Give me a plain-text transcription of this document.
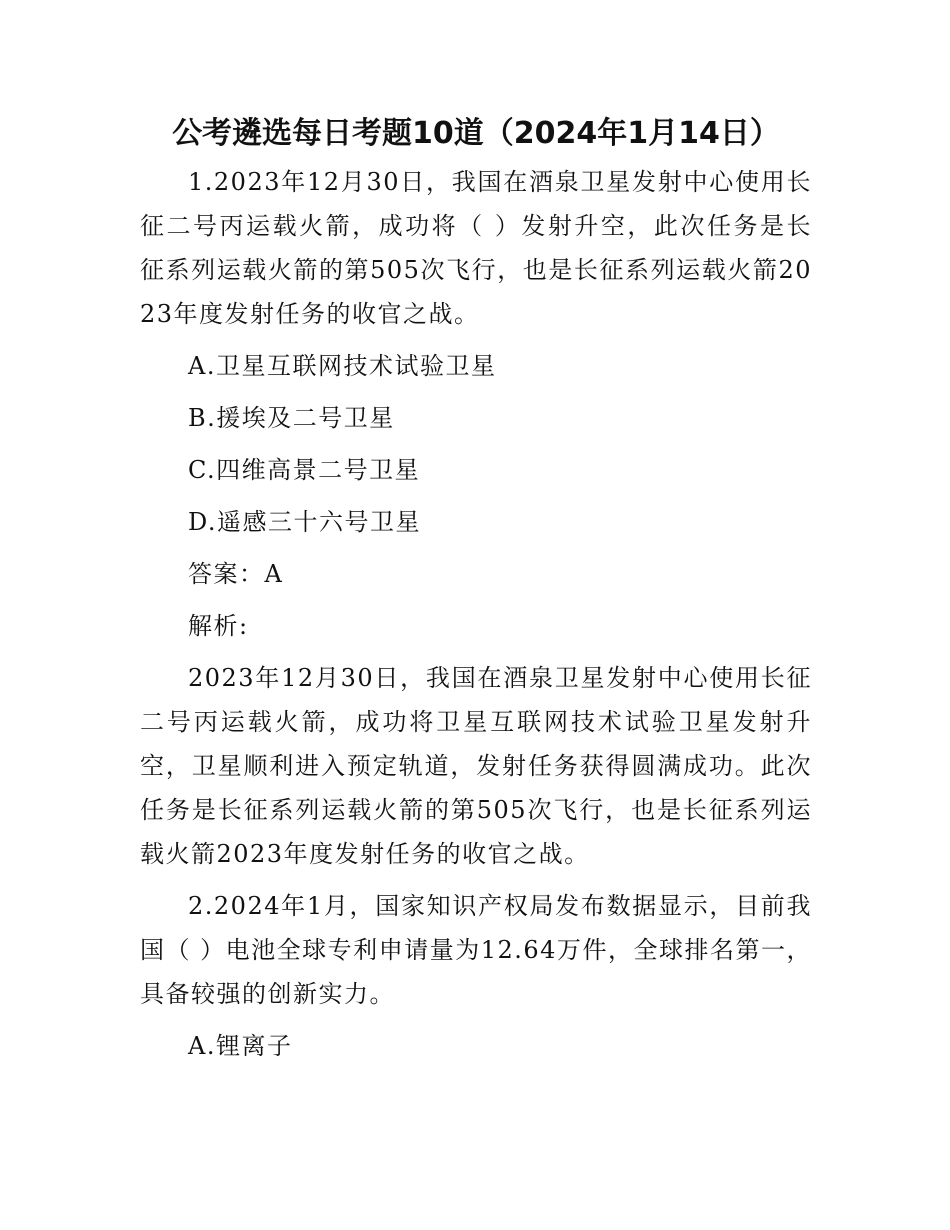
公考遴选每日考题10道（2024年1月14日）

1.2023年12月30日，我国在酒泉卫星发射中心使用长征二号丙运载火箭，成功将（ ）发射升空，此次任务是长征系列运载火箭的第505次飞行，也是长征系列运载火箭2023年度发射任务的收官之战。

A.卫星互联网技术试验卫星
B.援埃及二号卫星
C.四维高景二号卫星
D.遥感三十六号卫星
答案：A
解析:

2023年12月30日，我国在酒泉卫星发射中心使用长征二号丙运载火箭，成功将卫星互联网技术试验卫星发射升空，卫星顺利进入预定轨道，发射任务获得圆满成功。此次任务是长征系列运载火箭的第505次飞行，也是长征系列运载火箭2023年度发射任务的收官之战。

2.2024年1月，国家知识产权局发布数据显示，目前我国（ ）电池全球专利申请量为12.64万件，全球排名第一，具备较强的创新实力。

A.锂离子
